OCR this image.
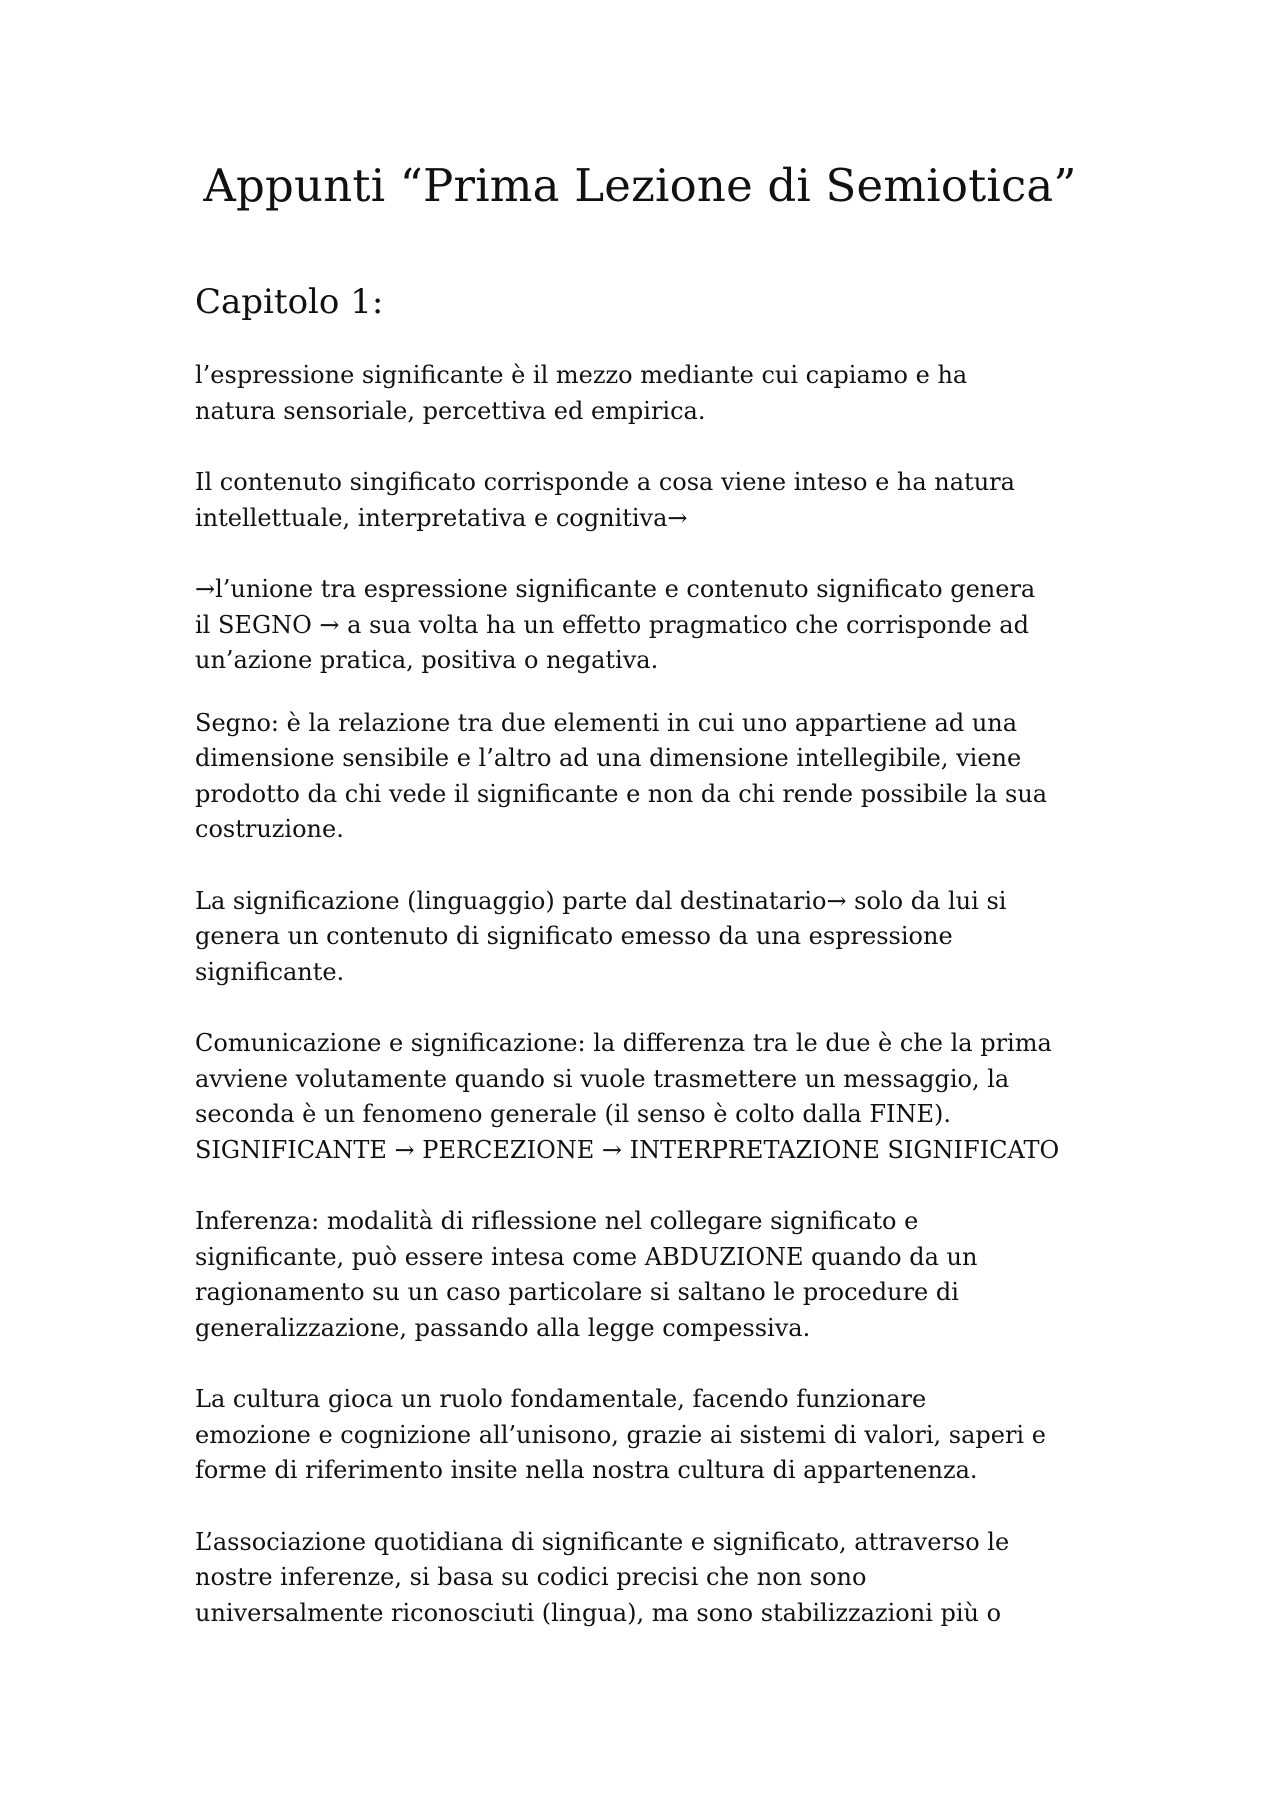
Appunti “Prima Lezione di Semiotica”
Capitolo 1:

l’espressione significante è il mezzo mediante cui capiamo e ha
natura sensoriale, percettiva ed empirica.

Il contenuto singificato corrisponde a cosa viene inteso e ha natura
intellettuale, interpretativa e cognitiva→

→l’unione tra espressione significante e contenuto significato genera
il SEGNO → a sua volta ha un effetto pragmatico che corrisponde ad
un’azione pratica, positiva o negativa.

Segno: è la relazione tra due elementi in cui uno appartiene ad una
dimensione sensibile e l’altro ad una dimensione intellegibile, viene
prodotto da chi vede il significante e non da chi rende possibile la sua
costruzione.

La significazione (linguaggio) parte dal destinatario→ solo da lui si
genera un contenuto di significato emesso da una espressione
significante.

Comunicazione e significazione: la differenza tra le due è che la prima
avviene volutamente quando si vuole trasmettere un messaggio, la
seconda è un fenomeno generale (il senso è colto dalla FINE).
SIGNIFICANTE → PERCEZIONE → INTERPRETAZIONE SIGNIFICATO

Inferenza: modalità di riflessione nel collegare significato e
significante, può essere intesa come ABDUZIONE quando da un
ragionamento su un caso particolare si saltano le procedure di
generalizzazione, passando alla legge compessiva.

La cultura gioca un ruolo fondamentale, facendo funzionare
emozione e cognizione all’unisono, grazie ai sistemi di valori, saperi e
forme di riferimento insite nella nostra cultura di appartenenza.

L’associazione quotidiana di significante e significato, attraverso le
nostre inferenze, si basa su codici precisi che non sono
universalmente riconosciuti (lingua), ma sono stabilizzazioni più o
